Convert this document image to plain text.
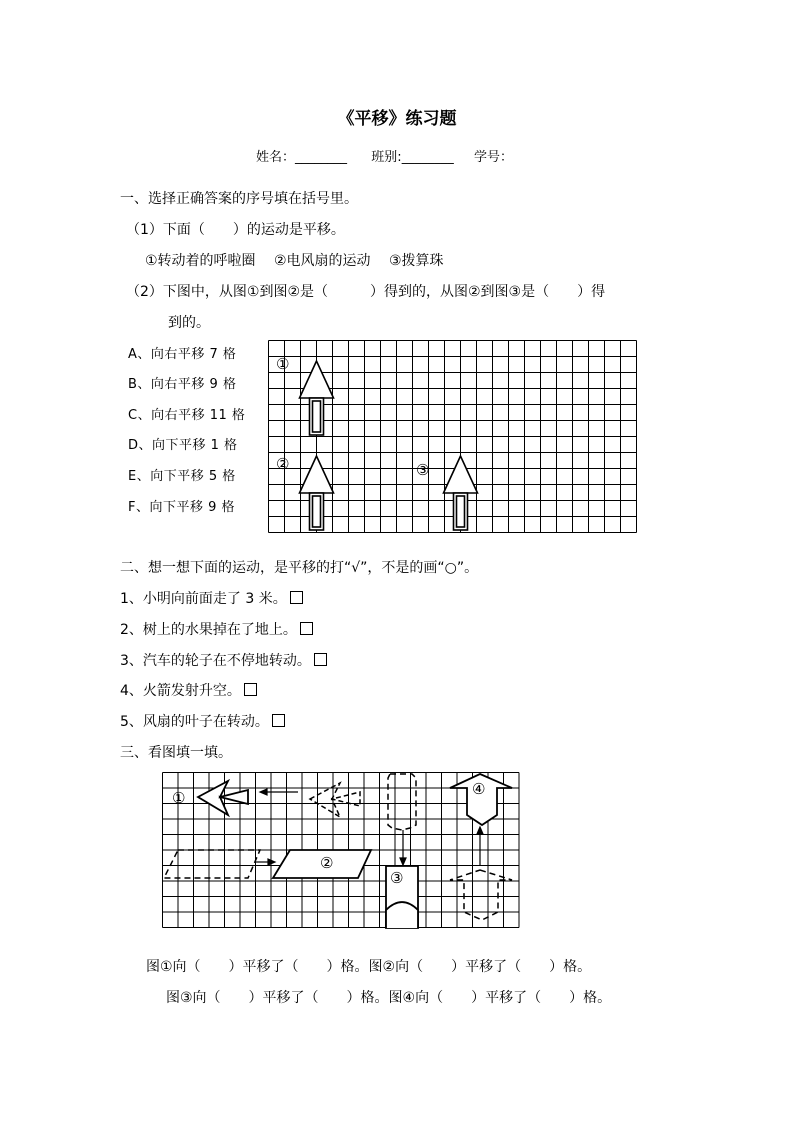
《平移》练习题
姓名：________ 班别:________ 学号：
一、选择正确答案的序号填在括号里。
（1）下面（　　）的运动是平移。
①转动着的呼啦圈　 ②电风扇的运动　 ③拨算珠
（2）下图中，从图①到图②是（　　　）得到的，从图②到图③是（　　）得
到的。
A、向右平移 7 格
B、向右平移 9 格
C、向右平移 11 格
D、向下平移 1 格
E、向下平移 5 格
F、向下平移 9 格
①
②	③
二、想一想下面的运动，是平移的打“√”，不是的画“○”。
1、小明向前面走了 3 米。
2、树上的水果掉在了地上。
3、汽车的轮子在不停地转动。
4、火箭发射升空。
5、风扇的叶子在转动。
三、看图填一填。
③
④
②
①
图①向（　　）平移了（　　）格。图②向（　　）平移了（　　）格。
图③向（　　）平移了（　　）格。图④向（　　）平移了（　　）格。
